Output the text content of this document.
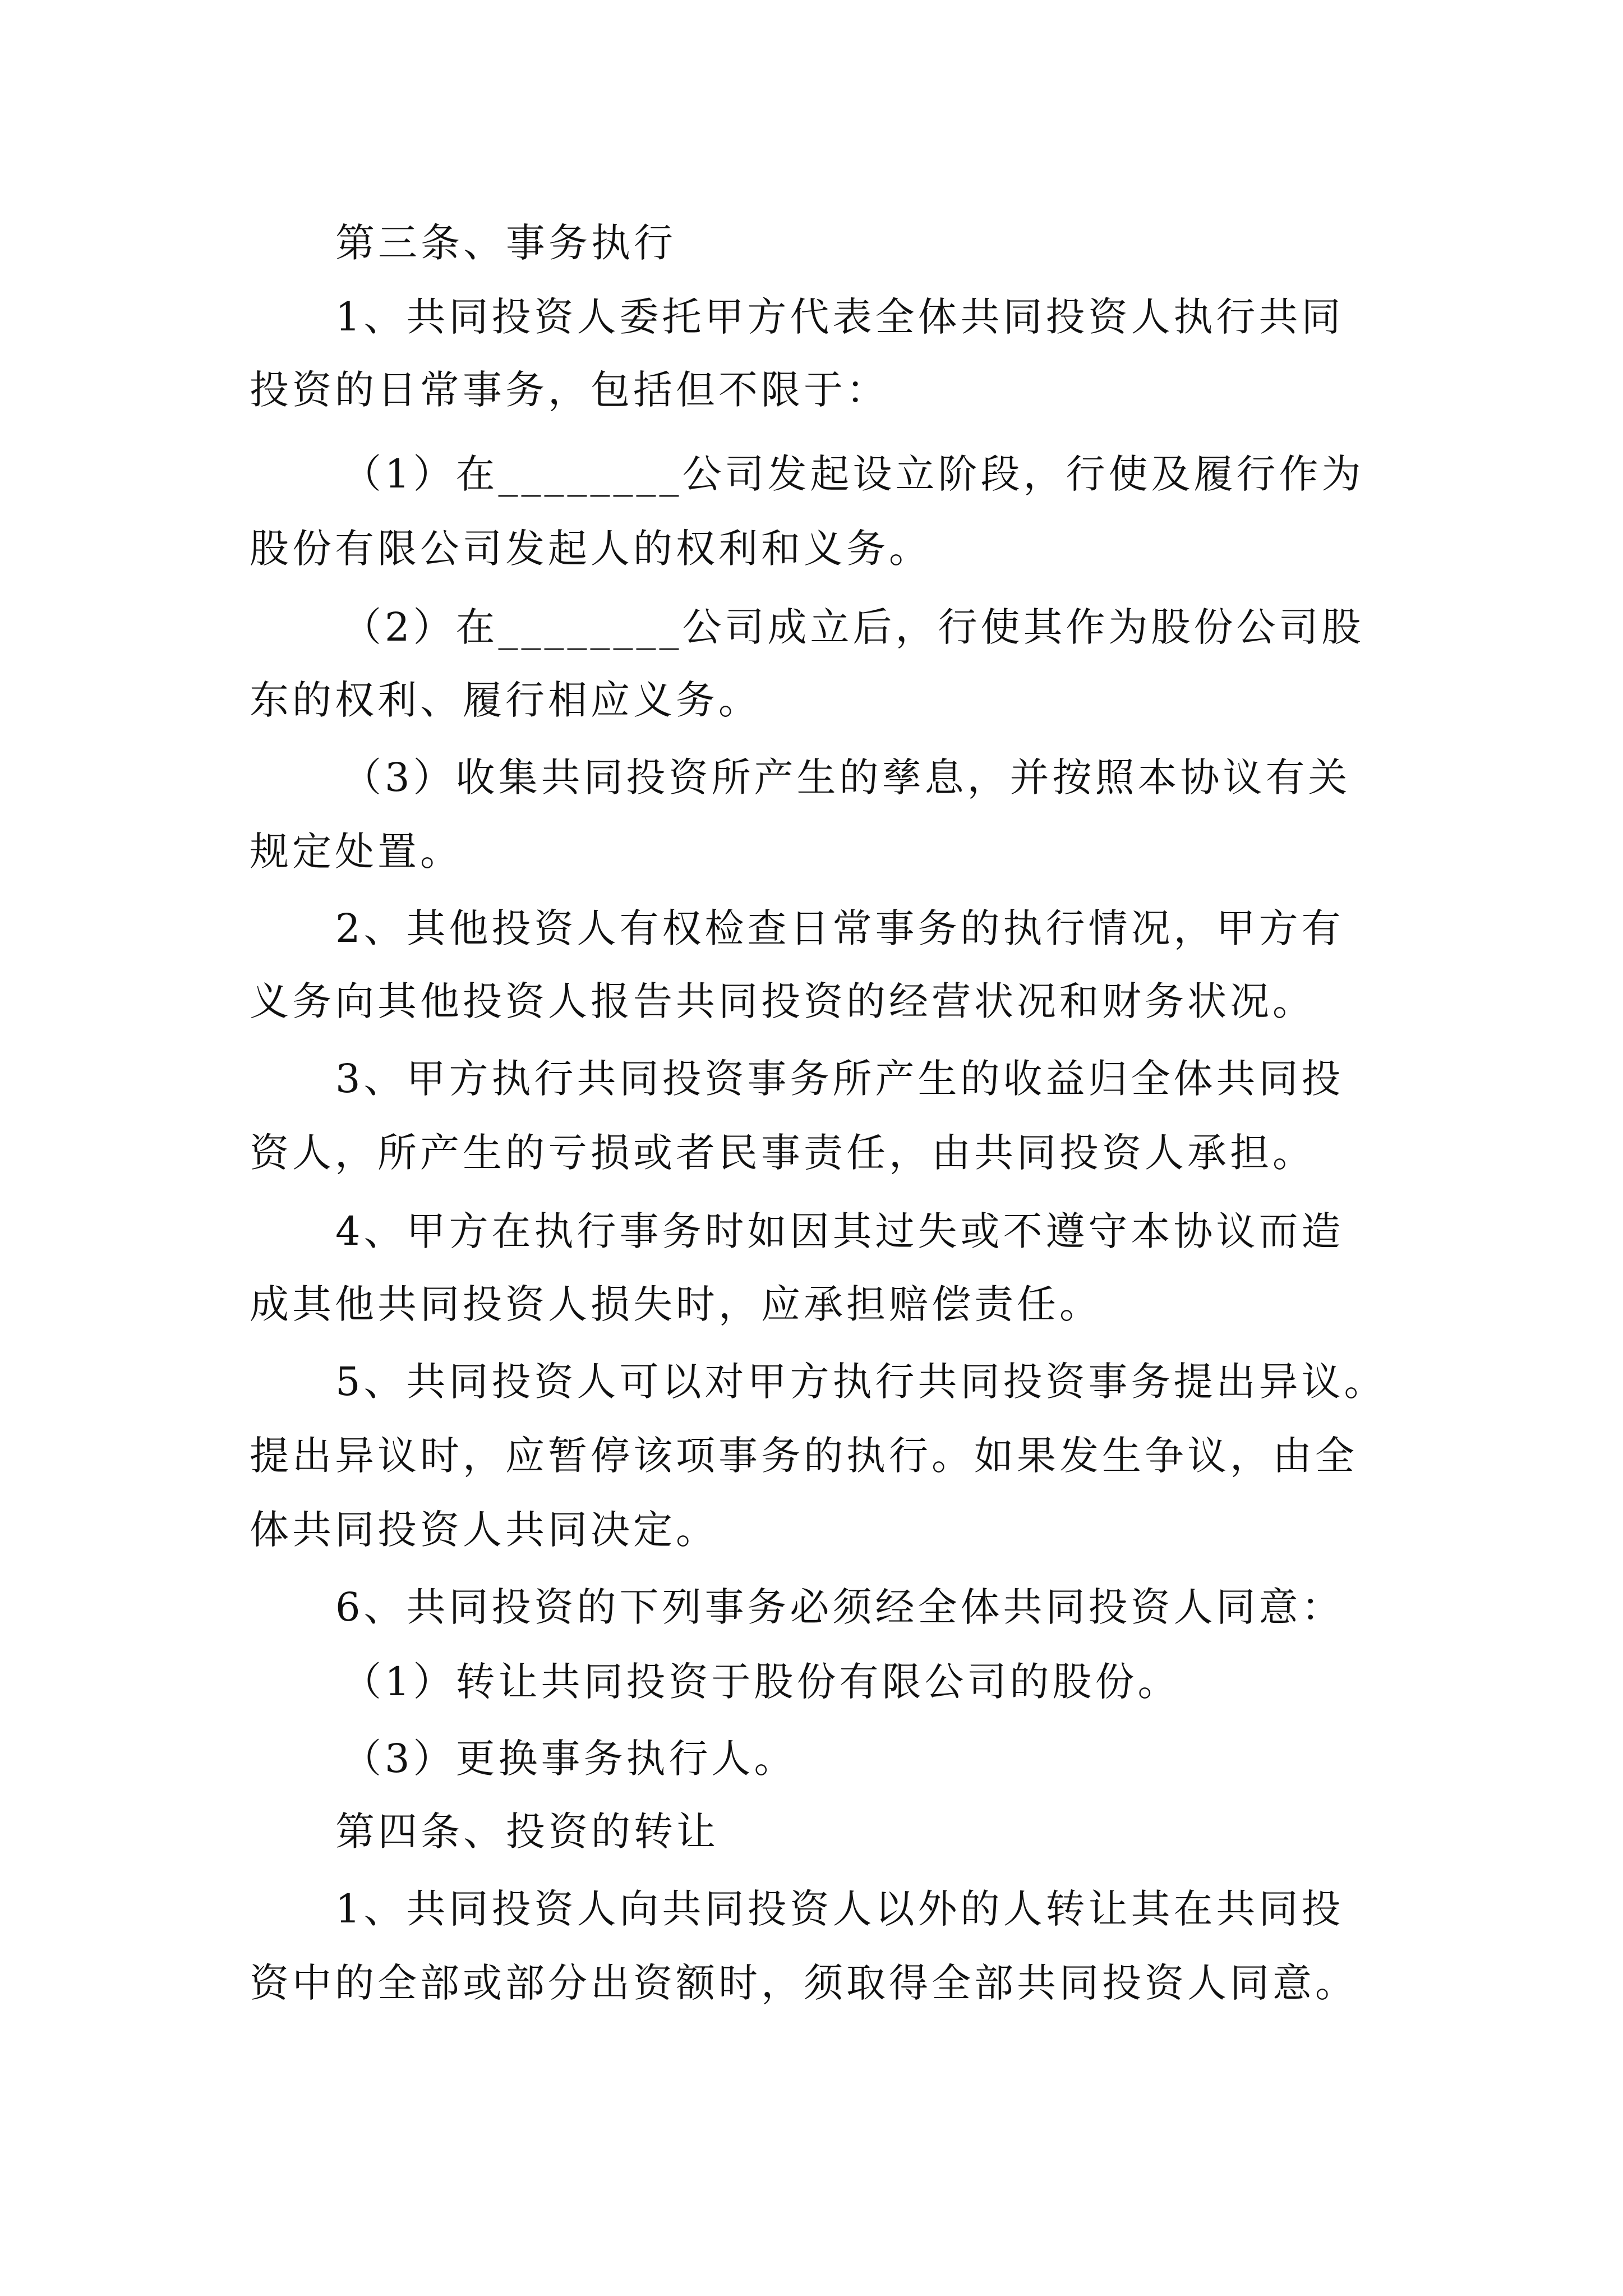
第三条、事务执行
1、共同投资人委托甲方代表全体共同投资人执行共同
投资的日常事务，包括但不限于：
（1）在________公司发起设立阶段，行使及履行作为
股份有限公司发起人的权利和义务。
（2）在________公司成立后，行使其作为股份公司股
东的权利、履行相应义务。
（3）收集共同投资所产生的孳息，并按照本协议有关
规定处置。
2、其他投资人有权检查日常事务的执行情况，甲方有
义务向其他投资人报告共同投资的经营状况和财务状况。
3、甲方执行共同投资事务所产生的收益归全体共同投
资人，所产生的亏损或者民事责任，由共同投资人承担。
4、甲方在执行事务时如因其过失或不遵守本协议而造
成其他共同投资人损失时，应承担赔偿责任。
5、共同投资人可以对甲方执行共同投资事务提出异议。
提出异议时，应暂停该项事务的执行。如果发生争议，由全
体共同投资人共同决定。
6、共同投资的下列事务必须经全体共同投资人同意：
（1）转让共同投资于股份有限公司的股份。
（3）更换事务执行人。
第四条、投资的转让
1、共同投资人向共同投资人以外的人转让其在共同投
资中的全部或部分出资额时，须取得全部共同投资人同意。
